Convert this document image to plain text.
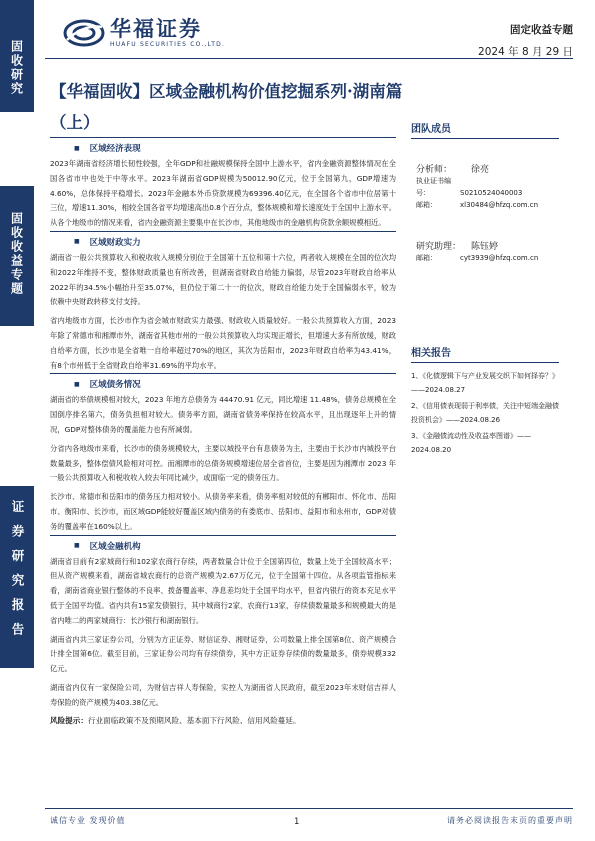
固收研究
固收收益专题
证券研究报告
华福证券
HUAFU SECURITIES CO.,LTD.
固定收益专题
2024 年 8 月 29 日
【华福固收】区域金融机构价值挖掘系列·湖南篇（上）
■ 区域经济表现
2023年湖南省经济增长韧性较强，全年GDP和社融规模保持全国中上游水平，省内金融资源整体情况在全国各省市中也处于中等水平。2023年湖南省GDP规模为50012.90亿元，位于全国第九，GDP增速为4.60%，总体保持平稳增长。2023年金融本外币贷款规模为69396.40亿元，在全国各个省市中位居第十三位，增速11.30%，相较全国各省平均增速高出0.8个百分点，整体规模和增长速度处于全国中上游水平。从各个地级市的情况来看，省内金融资源主要集中在长沙市，其他地级市的金融机构贷款余额规模相近。
■ 区域财政实力
湖南省一般公共预算收入和税收收入规模分别位于全国第十五位和第十六位，两者收入规模在全国的位次均和2022年维持不变，整体财政质量也有所改善，但湖南省财政自给能力偏弱，尽管2023年财政自给率从2022年的34.5%小幅抬升至35.07%，但仍位于第二十一的位次，财政自给能力处于全国偏弱水平，较为依赖中央财政转移支付支持。
省内地级市方面，长沙市作为省会城市财政实力最强、财政收入质量较好。一般公共预算收入方面，2023年除了常德市和湘潭市外，湖南省其他市州的一般公共预算收入均实现正增长，但增速大多有所放缓，财政自给率方面，长沙市是全省唯一自给率超过70%的地区，其次为岳阳市，2023年财政自给率为43.41%，有8个市州低于全省财政自给率31.69%的平均水平。
■ 区域债务情况
湖南省的举债规模相对较大，2023 年地方总债务为 44470.91 亿元，同比增速 11.48%，债务总规模在全国倒序排名第六，债务负担相对较大。债务率方面，湖南省债务率保持在较高水平，且出现逐年上升的情况，GDP对整体债务的覆盖能力也有所减弱。
分省内各地级市来看，长沙市的债务规模较大，主要以城投平台有息债务为主，主要由于长沙市内城投平台数量最多，整体偿债风险相对可控。而湘潭市的总债务规模增速位居全省首位，主要是因为湘潭市 2023 年一般公共预算收入和税收收入较去年同比减少，或面临一定的债务压力。
长沙市、常德市和岳阳市的债务压力相对较小。从债务率来看，债务率相对较低的有郴阳市、怀化市、岳阳市、衡阳市、长沙市，而区域GDP能较好覆盖区域内债务的有娄底市、岳阳市、益阳市和永州市，GDP对债务的覆盖率在160%以上。
■ 区域金融机构
湖南省目前有2家城商行和102家农商行存续，两者数量合计位于全国第四位，数量上处于全国较高水平；但从资产规模来看，湖南省城农商行的总资产规模为2.67万亿元，位于全国第十四位。从各项监管指标来看，湖南省商业银行整体的不良率、拨备覆盖率、净息差均处于全国平均水平，但省内银行的资本充足水平低于全国平均值。省内共有15家发债银行，其中城商行2家、农商行13家，存续债数量最多和规模最大的是省内唯二的两家城商行：长沙银行和湖南银行。
湖南省内共三家证券公司，分别为方正证券、财信证券、湘财证券，公司数量上排全国第8位、资产规模合计排全国第6位。截至目前，三家证券公司均有存续债券，其中方正证券存续债的数量最多，债券规模332亿元。
湖南省内仅有一家保险公司，为财信吉祥人寿保险，实控人为湖南省人民政府，截至2023年末财信吉祥人寿保险的资产规模为403.38亿元。
风险提示：行业面临政策不及预期风险、基本面下行风险、信用风险蔓延。
团队成员
分析师： 徐亮
执业证书编号：	S0210524040003
邮箱：	xl30484@hfzq.com.cn
研究助理： 陈钰婷
邮箱：	cyt3939@hfzq.com.cn
相关报告
1、《化债逻辑下与产业发展交织下如何择券？》——2024.08.27
2、《信用债表现弱于利率债，关注中短端金融债投资机会》——2024.08.26
3、《金融债流动性及收益率图谱》——2024.08.20
诚信专业 发现价值	1	请务必阅读报告末页的重要声明
